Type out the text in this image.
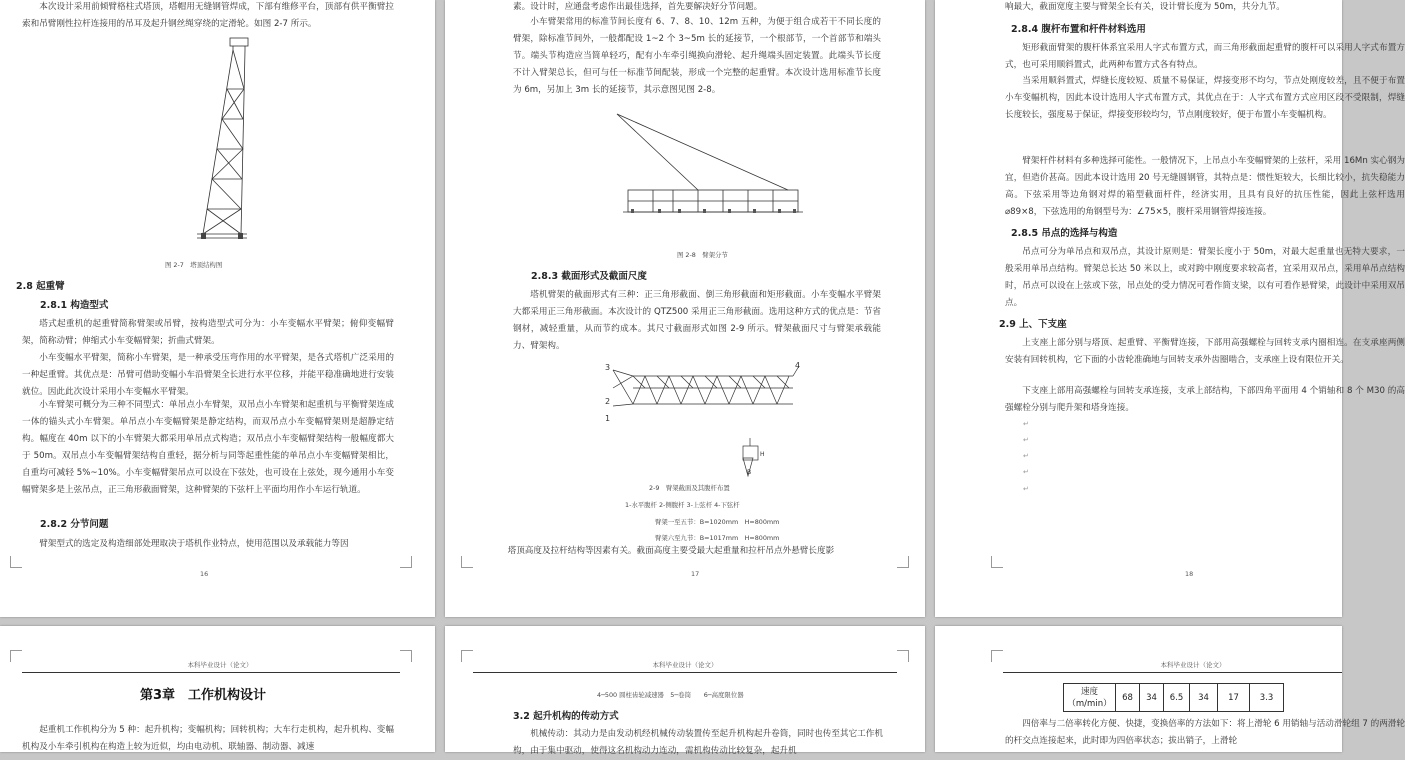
本次设计采用前倾臂格柱式塔顶，塔帽用无缝钢管焊成，下部有维修平台，顶部有供平衡臂拉索和吊臂刚性拉杆连接用的吊耳及起升钢丝绳穿绕的定滑轮。如图 2-7 所示。
图 2-7　塔顶结构图
2.8 起重臂
2.8.1 构造型式
塔式起重机的起重臂简称臂架或吊臂，按构造型式可分为：小车变幅水平臂架；俯仰变幅臂架，简称动臂；伸缩式小车变幅臂架；折曲式臂架。
小车变幅水平臂架，简称小车臂架，是一种承受压弯作用的水平臂架，是各式塔机广泛采用的一种起重臂。其优点是：吊臂可借助变幅小车沿臂架全长进行水平位移，并能平稳准确地进行安装就位。因此此次设计采用小车变幅水平臂架。
小车臂架可概分为三种不同型式：单吊点小车臂架，双吊点小车臂架和起重机与平衡臂架连成一体的锚头式小车臂架。单吊点小车变幅臂架是静定结构，而双吊点小车变幅臂架则是超静定结构。幅度在 40m 以下的小车臂架大都采用单吊点式构造；双吊点小车变幅臂架结构一般幅度都大于 50m。双吊点小车变幅臂架结构自重轻，据分析与同等起重性能的单吊点小车变幅臂架相比，自重均可减轻 5%~10%。小车变幅臂架吊点可以设在下弦处，也可设在上弦处，现今通用小车变幅臂架多是上弦吊点，正三角形截面臂架，这种臂架的下弦杆上平面均用作小车运行轨道。
2.8.2 分节问题
臂架型式的选定及构造细部处理取决于塔机作业特点，使用范围以及承载能力等因
16
素。设计时，应通盘考虑作出最佳选择，首先要解决好分节问题。
小车臂架常用的标准节间长度有 6、7、8、10、12m 五种，为便于组合成若干不同长度的臂架，除标准节间外，一般都配设 1~2 个 3~5m 长的延接节，一个根部节，一个首部节和端头节。端头节构造应当简单轻巧，配有小车牵引绳换向滑轮、起升绳端头固定装置。此端头节长度不计入臂架总长，但可与任一标准节间配装，形成一个完整的起重臂。本次设计选用标准节长度为 6m，另加上 3m 长的延接节，其示意图见图 2-8。
图 2-8　臂架分节
2.8.3 截面形式及截面尺度
塔机臂架的截面形式有三种：正三角形截面、倒三角形截面和矩形截面。小车变幅水平臂架大都采用正三角形截面。本次设计的 QTZ500 采用正三角形截面。选用这种方式的优点是：节省钢材，减轻重量，从而节约成本。其尺寸截面形式如图 2-9 所示。臂架截面尺寸与臂架承载能力、臂架构。
3
2
1
4
B
H
2-9　臂架截面及其腹杆布置
1-水平腹杆 2-侧腹杆 3-上弦杆 4-下弦杆
臂架一至五节：B=1020mm　H=800mm
臂架六至九节：B=1017mm　H=800mm
塔顶高度及拉杆结构等因素有关。截面高度主要受最大起重量和拉杆吊点外悬臂长度影
17
响最大，截面宽度主要与臂架全长有关，设计臂长度为 50m，共分九节。
2.8.4 腹杆布置和杆件材料选用
矩形截面臂架的腹杆体系宜采用人字式布置方式，而三角形截面起重臂的腹杆可以采用人字式布置方式，也可采用顺斜置式，此两种布置方式各有特点。
当采用顺斜置式，焊缝长度较短、质量不易保证，焊接变形不均匀，节点处刚度较差，且不便于布置小车变幅机构，因此本设计选用人字式布置方式，其优点在于：人字式布置方式应用区段不受限制，焊缝长度较长，强度易于保证，焊接变形较均匀，节点刚度较好，便于布置小车变幅机构。
臂架杆件材料有多种选择可能性。一般情况下，上吊点小车变幅臂架的上弦杆，采用 16Mn 实心钢为宜，但造价甚高。因此本设计选用 20 号无缝圆钢管，其特点是：惯性矩较大，长细比较小，抗失稳能力高。下弦采用等边角钢对焊的箱型截面杆件，经济实用，且具有良好的抗压性能，因此上弦杆选用⌀89×8，下弦选用的角钢型号为：∠75×5，腹杆采用钢管焊接连接。
2.8.5 吊点的选择与构造
吊点可分为单吊点和双吊点，其设计原则是：臂架长度小于 50m，对最大起重量也无特大要求，一般采用单吊点结构。臂架总长达 50 米以上，或对跨中刚度要求较高者，宜采用双吊点，采用单吊点结构时，吊点可以设在上弦或下弦，吊点处的受力情况可看作简支梁，以有可看作悬臂梁，此设计中采用双吊点。
2.9 上、下支座
上支座上部分别与塔顶、起重臂、平衡臂连接，下部用高强螺栓与回转支承内圈相连。在支承座两侧安装有回转机构，它下面的小齿轮准确地与回转支承外齿圈啮合，支承座上设有限位开关。
下支座上部用高强螺栓与回转支承连接，支承上部结构，下部四角平面用 4 个销轴和 8 个 M30 的高强螺栓分别与爬升架和塔身连接。
↵
↵
↵
↵
↵
18
本科毕业设计（论文）
第3章　工作机构设计
起重机工作机构分为 5 种：起升机构；变幅机构；回转机构；大车行走机构，起升机构、变幅机构及小车牵引机构在构造上较为近似，均由电动机、联轴器、制动器、减速
本科毕业设计（论文）
4─500 圆柱齿轮减速器　5─卷筒　　6─高度限位器
3.2 起升机构的传动方式
机械传动：其动力是由发动机经机械传动装置传至起升机构起升卷筒，同时也传至其它工作机构，由于集中驱动，使得这名机构动力连动，需机构传动比较复杂，起升机
本科毕业设计（论文）
速度（m/min）	68	34	6.5	34	17	3.3
四倍率与二倍率转化方便、快捷，变换倍率的方法如下：将上滑轮 6 用销轴与活动滑轮组 7 的两滑轮的杆交点连接起来，此时即为四倍率状态；拔出销子，上滑轮
